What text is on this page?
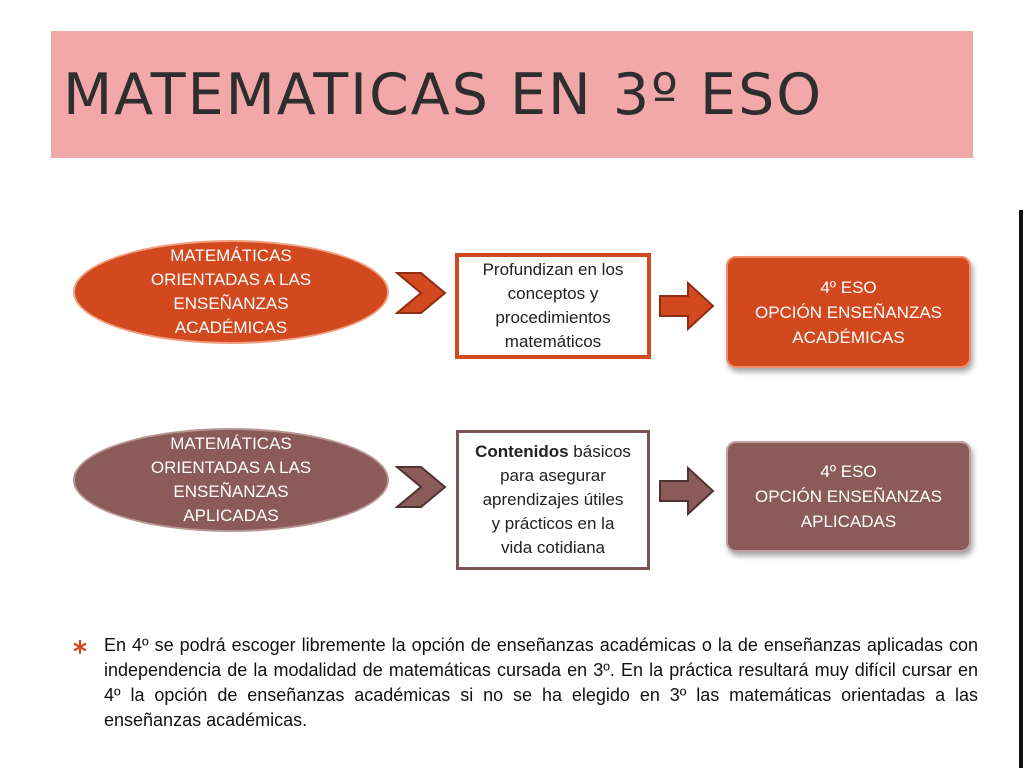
MATEMATICAS EN 3º ESO
MATEMÁTICAS
ORIENTADAS A LAS
ENSEÑANZAS
ACADÉMICAS
Profundizan en los
conceptos y
procedimientos
matemáticos
4º ESO
OPCIÓN ENSEÑANZAS
ACADÉMICAS
MATEMÁTICAS
ORIENTADAS A LAS
ENSEÑANZAS
APLICADAS
Contenidos básicos
para asegurar
aprendizajes útiles
y prácticos en la
vida cotidiana
4º ESO
OPCIÓN ENSEÑANZAS
APLICADAS
En 4º se podrá escoger libremente la opción de enseñanzas académicas o la de enseñanzas aplicadas con independencia de la modalidad de matemáticas cursada en 3º. En la práctica resultará muy difícil cursar en 4º la opción de enseñanzas académicas si no se ha elegido en 3º las matemáticas orientadas a las enseñanzas académicas.
